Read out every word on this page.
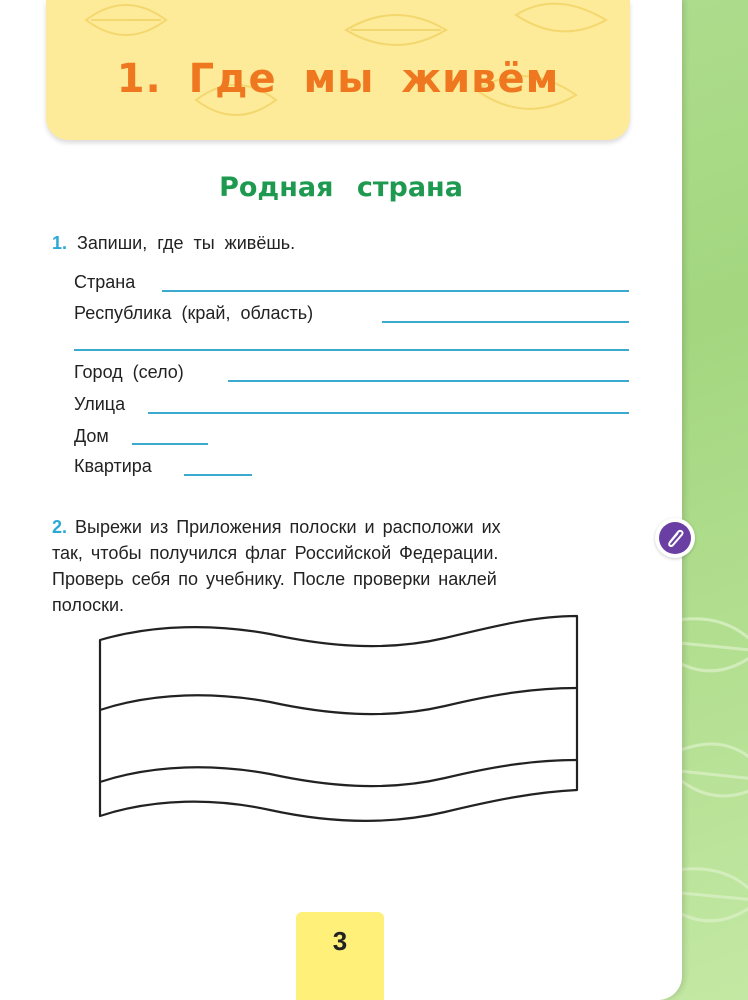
1. Где мы живём
Родная страна
1. Запиши, где ты живёшь.
Страна
Республика (край, область)
Город (село)
Улица
Дом
Квартира
2. Вырежи из Приложения полоски и расположи их
так, чтобы получился флаг Российской Федерации.
Проверь себя по учебнику. После проверки наклей
полоски.
3
